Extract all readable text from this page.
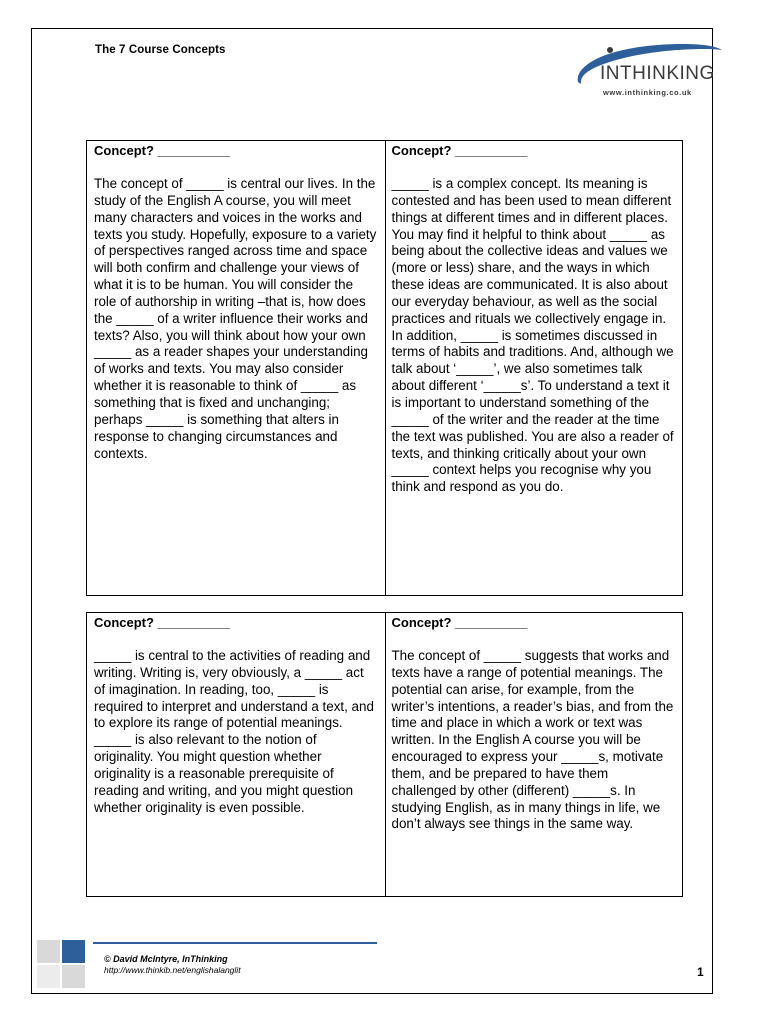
The 7 Course Concepts
INTHINKING
www.inthinking.co.uk

Concept? __________

The concept of _____ is central our lives. In the study of the English A course, you will meet many characters and voices in the works and texts you study. Hopefully, exposure to a variety of perspectives ranged across time and space will both confirm and challenge your views of what it is to be human. You will consider the role of authorship in writing –that is, how does the _____ of a writer influence their works and texts? Also, you will think about how your own _____ as a reader shapes your understanding of works and texts. You may also consider whether it is reasonable to think of _____ as something that is fixed and unchanging; perhaps _____ is something that alters in response to changing circumstances and contexts.

Concept? __________

_____ is a complex concept. Its meaning is contested and has been used to mean different things at different times and in different places. You may find it helpful to think about _____ as being about the collective ideas and values we (more or less) share, and the ways in which these ideas are communicated. It is also about our everyday behaviour, as well as the social practices and rituals we collectively engage in. In addition, _____ is sometimes discussed in terms of habits and traditions. And, although we talk about ‘_____’, we also sometimes talk about different ‘_____s’. To understand a text it is important to understand something of the _____ of the writer and the reader at the time the text was published. You are also a reader of texts, and thinking critically about your own _____ context helps you recognise why you think and respond as you do.

Concept? __________

_____ is central to the activities of reading and writing. Writing is, very obviously, a _____ act of imagination. In reading, too, _____ is required to interpret and understand a text, and to explore its range of potential meanings. _____ is also relevant to the notion of originality. You might question whether originality is a reasonable prerequisite of reading and writing, and you might question whether originality is even possible.

Concept? __________

The concept of _____ suggests that works and texts have a range of potential meanings. The potential can arise, for example, from the writer’s intentions, a reader’s bias, and from the time and place in which a work or text was written. In the English A course you will be encouraged to express your _____s, motivate them, and be prepared to have them challenged by other (different) _____s. In studying English, as in many things in life, we don’t always see things in the same way.

© David McIntyre, InThinking
http://www.thinkib.net/englishalanglit	1
